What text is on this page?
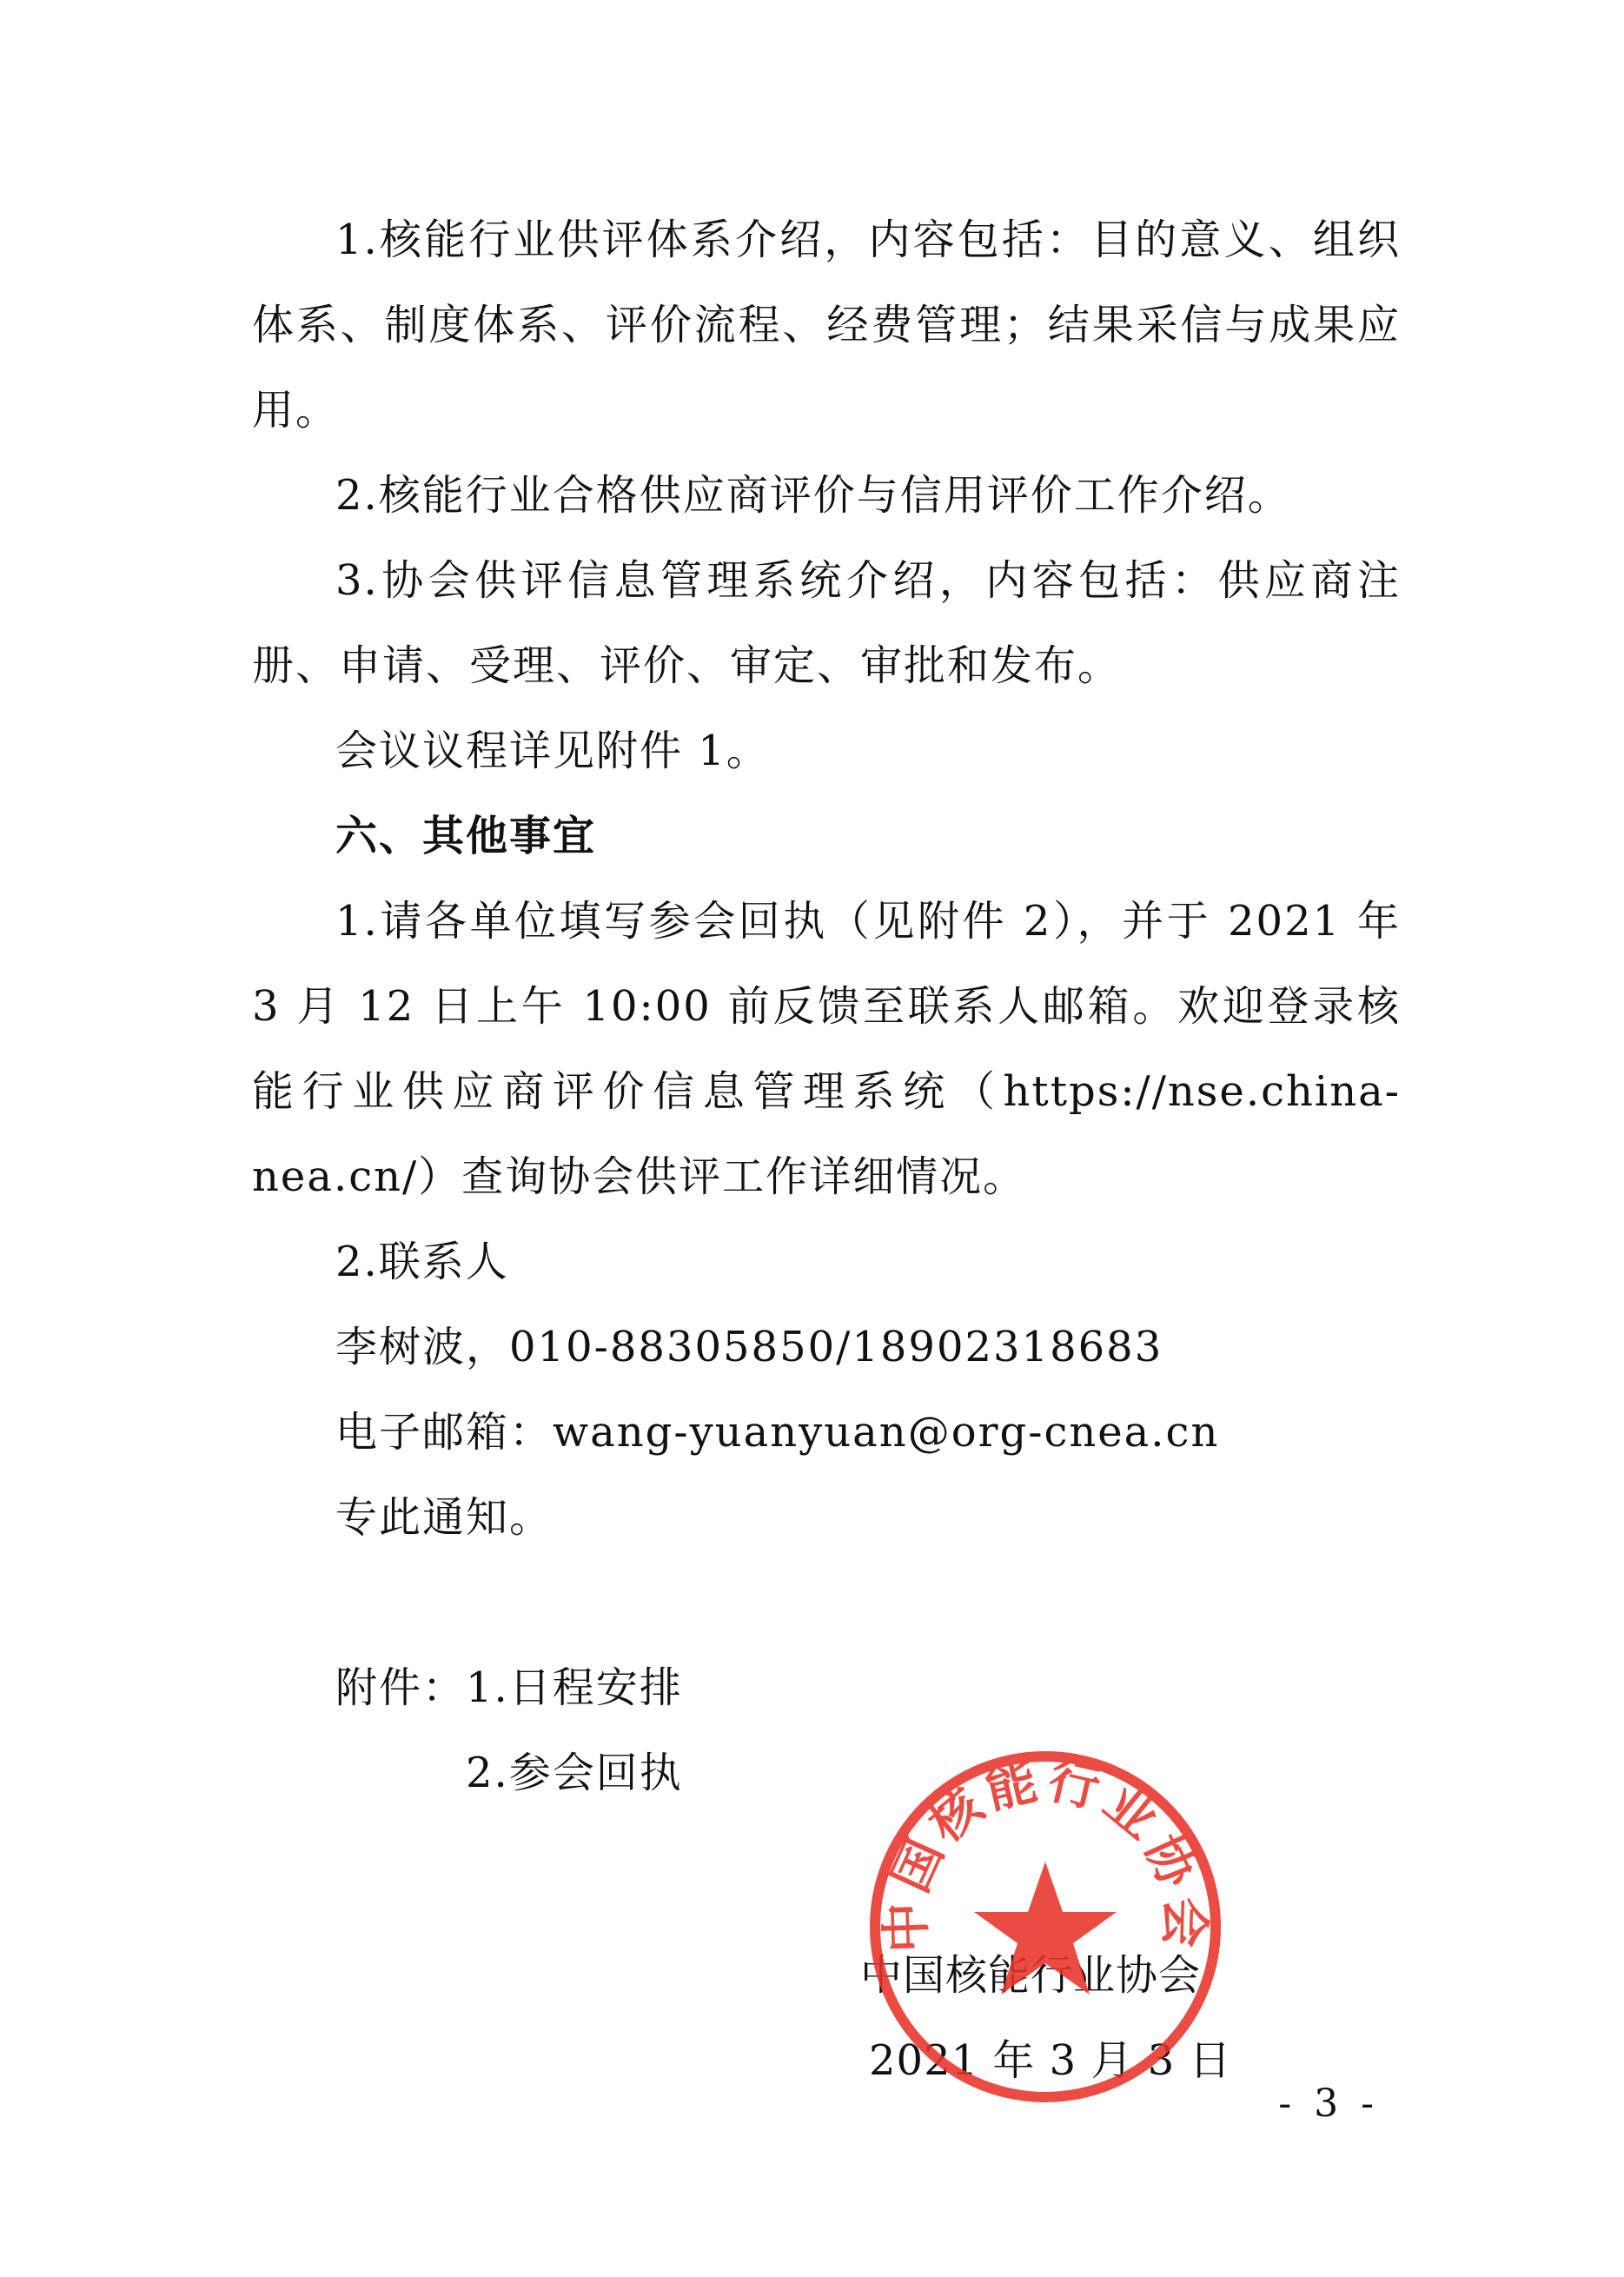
1.核能行业供评体系介绍，内容包括：目的意义、组织体系、制度体系、评价流程、经费管理；结果采信与成果应用。

2.核能行业合格供应商评价与信用评价工作介绍。

3.协会供评信息管理系统介绍，内容包括：供应商注册、申请、受理、评价、审定、审批和发布。

会议议程详见附件 1。

六、其他事宜

1.请各单位填写参会回执（见附件 2），并于 2021 年 3 月 12 日上午 10:00 前反馈至联系人邮箱。欢迎登录核能行业供应商评价信息管理系统（https://nse.china-nea.cn/）查询协会供评工作详细情况。

2.联系人

李树波，010-88305850/18902318683

电子邮箱：wang-yuanyuan@org-cnea.cn

专此通知。

附件： 1.日程安排

2.参会回执

中国核能行业协会

2021 年 3 月 3 日

中国核能行业协会
- 3 -
